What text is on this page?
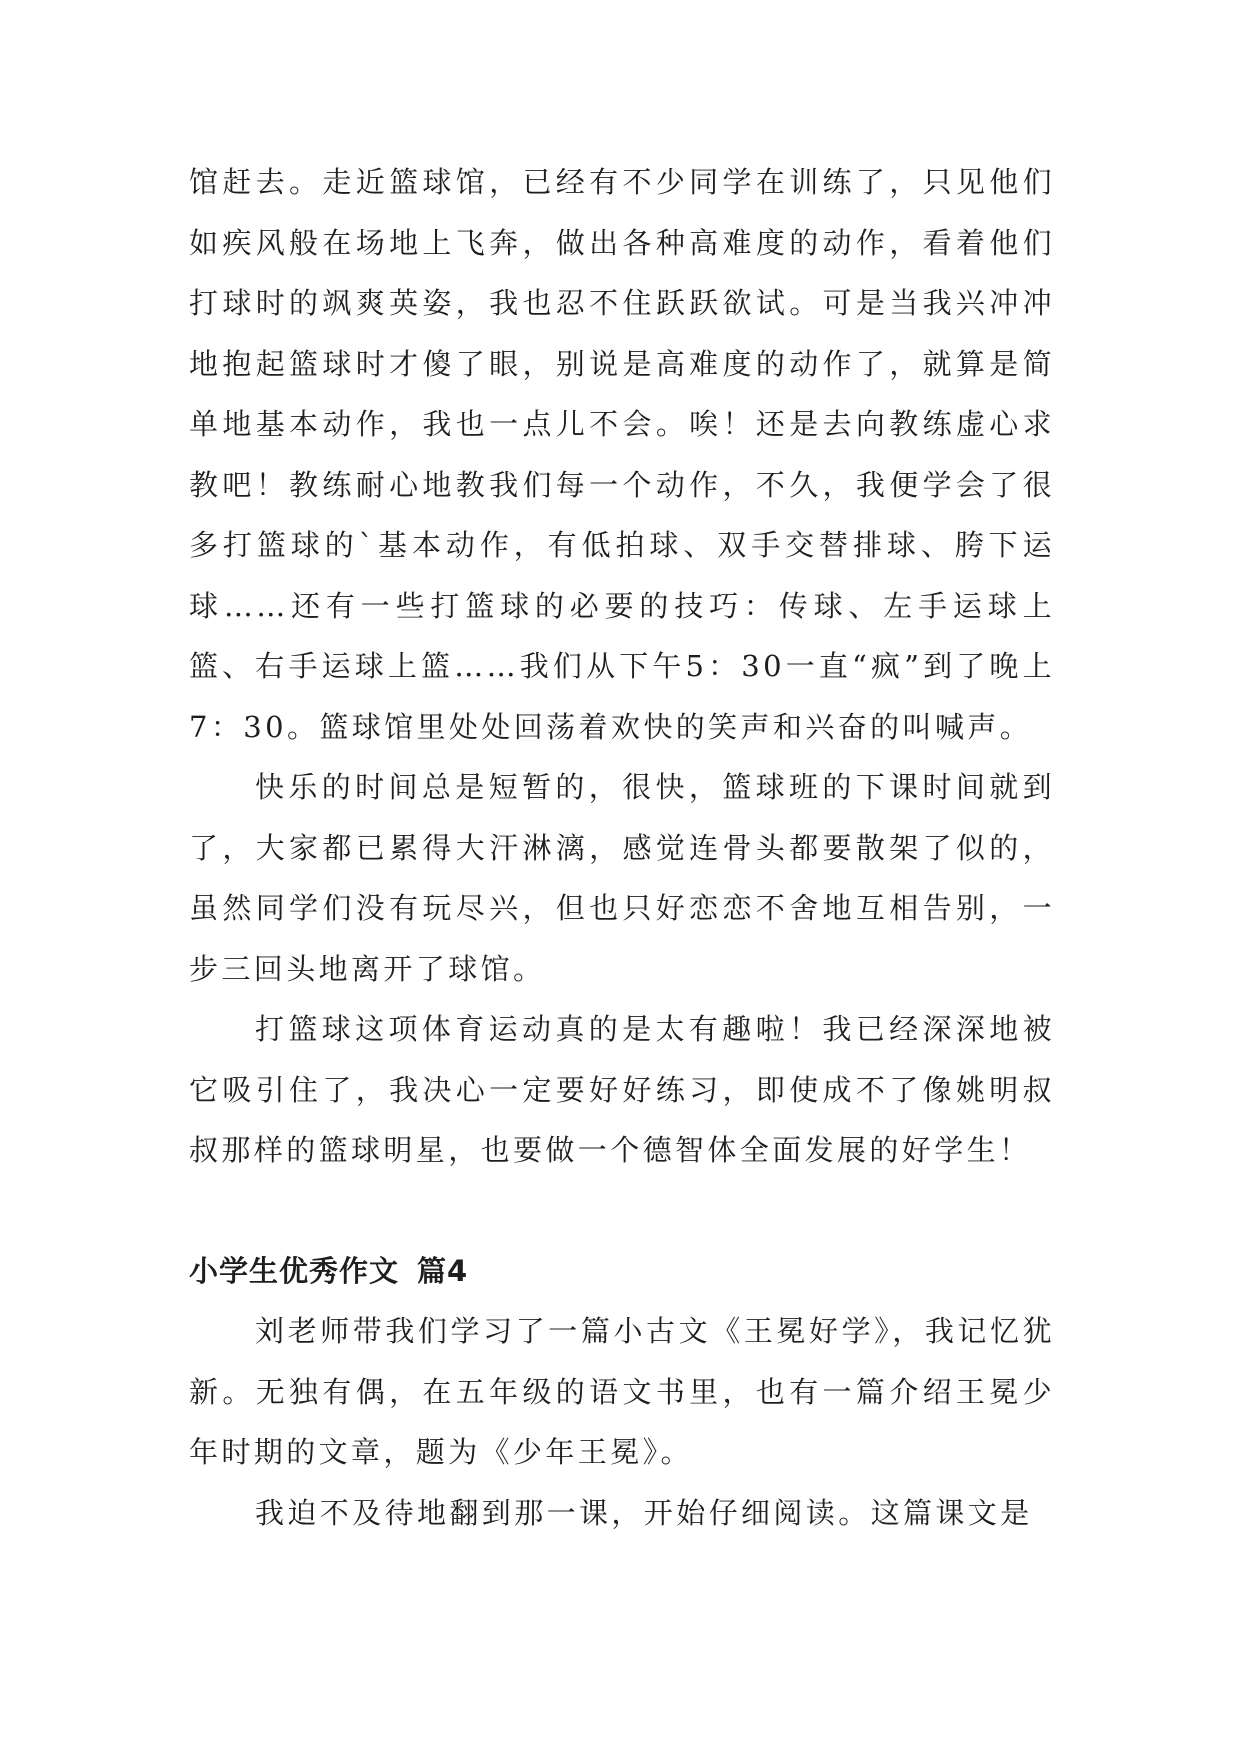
馆赶去。走近篮球馆，已经有不少同学在训练了，只见他们如疾风般在场地上飞奔，做出各种高难度的动作，看着他们打球时的飒爽英姿，我也忍不住跃跃欲试。可是当我兴冲冲地抱起篮球时才傻了眼，别说是高难度的动作了，就算是简单地基本动作，我也一点儿不会。唉！还是去向教练虚心求教吧！教练耐心地教我们每一个动作，不久，我便学会了很多打篮球的`基本动作，有低拍球、双手交替排球、胯下运球……还有一些打篮球的必要的技巧：传球、左手运球上篮、右手运球上篮……我们从下午5：30一直“疯”到了晚上7：30。篮球馆里处处回荡着欢快的笑声和兴奋的叫喊声。

快乐的时间总是短暂的，很快，篮球班的下课时间就到了，大家都已累得大汗淋漓，感觉连骨头都要散架了似的，虽然同学们没有玩尽兴，但也只好恋恋不舍地互相告别，一步三回头地离开了球馆。

打篮球这项体育运动真的是太有趣啦！我已经深深地被它吸引住了，我决心一定要好好练习，即使成不了像姚明叔叔那样的篮球明星，也要做一个德智体全面发展的好学生！

小学生优秀作文 篇4

刘老师带我们学习了一篇小古文《王冕好学》，我记忆犹新。无独有偶，在五年级的语文书里，也有一篇介绍王冕少年时期的文章，题为《少年王冕》。

我迫不及待地翻到那一课，开始仔细阅读。这篇课文是
